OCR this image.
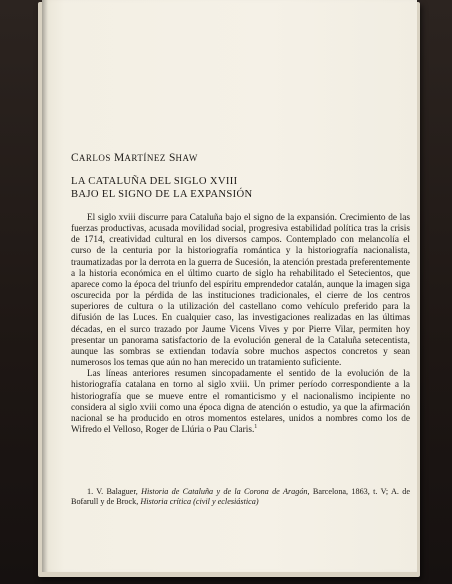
CARLOS MARTÍNEZ SHAW
LA CATALUÑA DEL SIGLO XVIII
BAJO EL SIGNO DE LA EXPANSIÓN

El siglo xviii discurre para Cataluña bajo el signo de la expansión. Crecimiento de las fuerzas productivas, acusada movilidad social, progresiva estabilidad política tras la crisis de 1714, creatividad cultural en los diversos campos. Contemplado con melancolía el curso de la centuria por la historiografía romántica y la historiografía nacionalista, traumatizadas por la derrota en la guerra de Sucesión, la atención prestada preferentemente a la historia económica en el último cuarto de siglo ha rehabilitado el Setecientos, que aparece como la época del triunfo del espíritu emprendedor catalán, aunque la imagen siga oscurecida por la pérdida de las instituciones tradicionales, el cierre de los centros superiores de cultura o la utilización del castellano como vehículo preferido para la difusión de las Luces. En cualquier caso, las investigaciones realizadas en las últimas décadas, en el surco trazado por Jaume Vicens Vives y por Pierre Vilar, permiten hoy presentar un panorama satisfactorio de la evolución general de la Cataluña setecentista, aunque las sombras se extiendan todavía sobre muchos aspectos concretos y sean numerosos los temas que aún no han merecido un tratamiento suficiente.

Las líneas anteriores resumen sincopadamente el sentido de la evolución de la historiografía catalana en torno al siglo xviii. Un primer período correspondiente a la historiografía que se mueve entre el romanticismo y el nacionalismo incipiente no considera al siglo xviii como una época digna de atención o estudio, ya que la afirmación nacional se ha producido en otros momentos estelares, unidos a nombres como los de Wifredo el Velloso, Roger de Llúria o Pau Claris.$^1$

1. V. Balaguer, Historia de Cataluña y de la Corona de Aragón, Barcelona, 1863, t. V; A. de Bofarull y de Brock, Historia crítica (civil y eclesiástica)
